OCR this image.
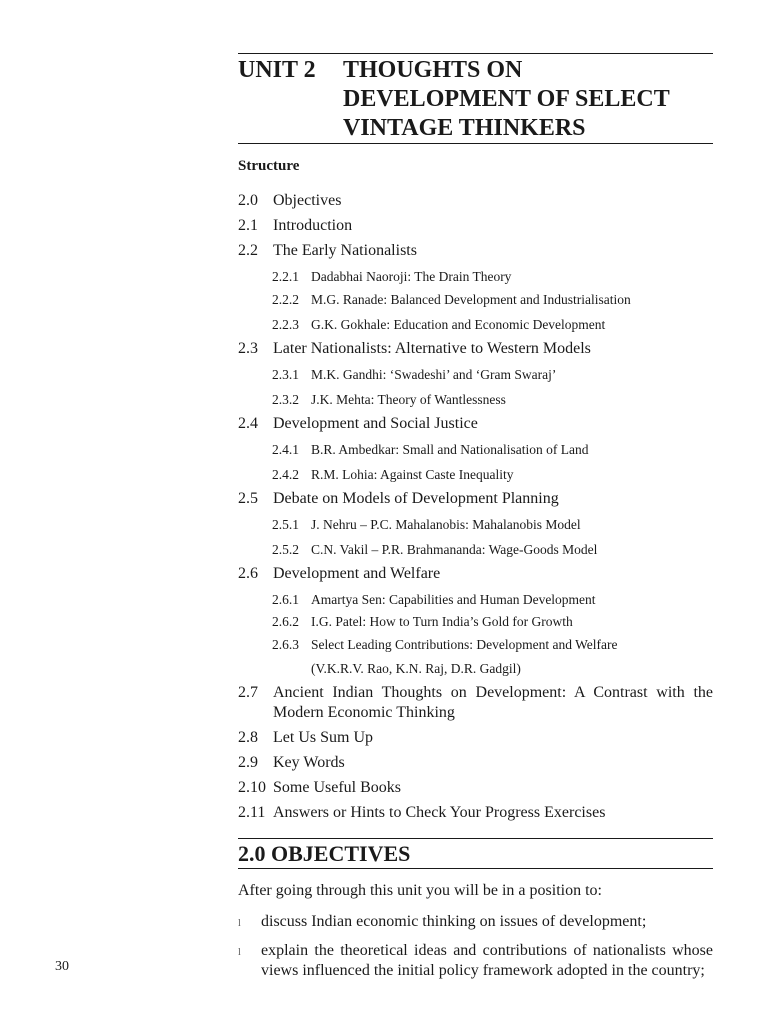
UNIT 2 THOUGHTS ON
DEVELOPMENT OF SELECT
VINTAGE THINKERS
Structure
2.0 Objectives
2.1 Introduction
2.2 The Early Nationalists
2.2.1 Dadabhai Naoroji: The Drain Theory
2.2.2 M.G. Ranade: Balanced Development and Industrialisation
2.2.3 G.K. Gokhale: Education and Economic Development
2.3 Later Nationalists: Alternative to Western Models
2.3.1 M.K. Gandhi: ‘Swadeshi’ and ‘Gram Swaraj’
2.3.2 J.K. Mehta: Theory of Wantlessness
2.4 Development and Social Justice
2.4.1 B.R. Ambedkar: Small and Nationalisation of Land
2.4.2 R.M. Lohia: Against Caste Inequality
2.5 Debate on Models of Development Planning
2.5.1 J. Nehru – P.C. Mahalanobis: Mahalanobis Model
2.5.2 C.N. Vakil – P.R. Brahmananda: Wage-Goods Model
2.6 Development and Welfare
2.6.1 Amartya Sen: Capabilities and Human Development
2.6.2 I.G. Patel: How to Turn India’s Gold for Growth
2.6.3 Select Leading Contributions: Development and Welfare
(V.K.R.V. Rao, K.N. Raj, D.R. Gadgil)
2.7 Ancient Indian Thoughts on Development: A Contrast with the Modern Economic Thinking
2.8 Let Us Sum Up
2.9 Key Words
2.10 Some Useful Books
2.11 Answers or Hints to Check Your Progress Exercises
2.0 OBJECTIVES
After going through this unit you will be in a position to:
l discuss Indian economic thinking on issues of development;
l explain the theoretical ideas and contributions of nationalists whose views influenced the initial policy framework adopted in the country;
30
